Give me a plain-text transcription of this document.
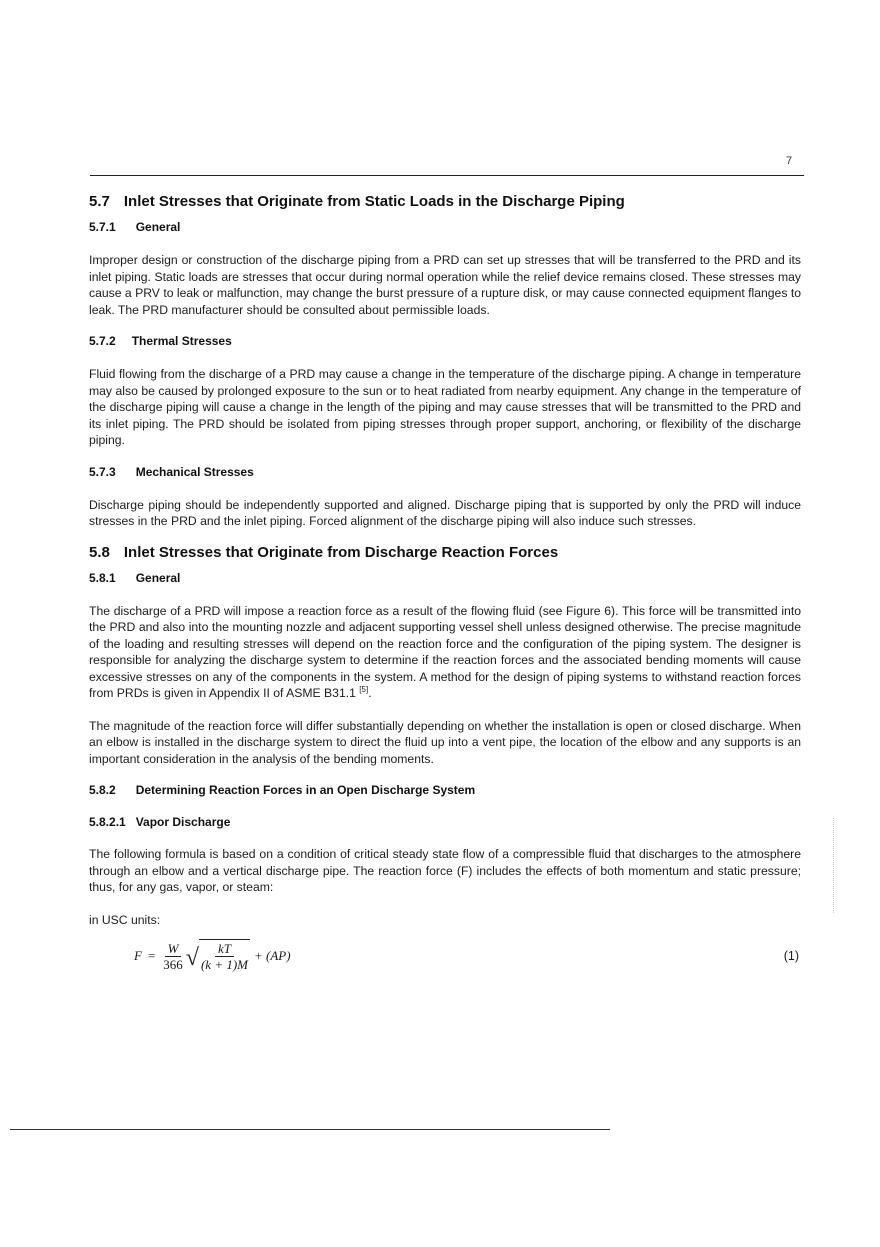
7
5.7 Inlet Stresses that Originate from Static Loads in the Discharge Piping
5.7.1 General

Improper design or construction of the discharge piping from a PRD can set up stresses that will be transferred to the PRD and its inlet piping. Static loads are stresses that occur during normal operation while the relief device remains closed. These stresses may cause a PRV to leak or malfunction, may change the burst pressure of a rupture disk, or may cause connected equipment flanges to leak. The PRD manufacturer should be consulted about permissible loads.

5.7.2 Thermal Stresses

Fluid flowing from the discharge of a PRD may cause a change in the temperature of the discharge piping. A change in temperature may also be caused by prolonged exposure to the sun or to heat radiated from nearby equipment. Any change in the temperature of the discharge piping will cause a change in the length of the piping and may cause stresses that will be transmitted to the PRD and its inlet piping. The PRD should be isolated from piping stresses through proper support, anchoring, or flexibility of the discharge piping.

5.7.3 Mechanical Stresses

Discharge piping should be independently supported and aligned. Discharge piping that is supported by only the PRD will induce stresses in the PRD and the inlet piping. Forced alignment of the discharge piping will also induce such stresses.

5.8 Inlet Stresses that Originate from Discharge Reaction Forces
5.8.1 General

The discharge of a PRD will impose a reaction force as a result of the flowing fluid (see Figure 6). This force will be transmitted into the PRD and also into the mounting nozzle and adjacent supporting vessel shell unless designed otherwise. The precise magnitude of the loading and resulting stresses will depend on the reaction force and the configuration of the piping system. The designer is responsible for analyzing the discharge system to determine if the reaction forces and the associated bending moments will cause excessive stresses on any of the components in the system. A method for the design of piping systems to withstand reaction forces from PRDs is given in Appendix II of ASME B31.1 [5].

The magnitude of the reaction force will differ substantially depending on whether the installation is open or closed discharge. When an elbow is installed in the discharge system to direct the fluid up into a vent pipe, the location of the elbow and any supports is an important consideration in the analysis of the bending moments.

5.8.2 Determining Reaction Forces in an Open Discharge System
5.8.2.1 Vapor Discharge

The following formula is based on a condition of critical steady state flow of a compressible fluid that discharges to the atmosphere through an elbow and a vertical discharge pipe. The reaction force (F) includes the effects of both momentum and static pressure; thus, for any gas, vapor, or steam:

in USC units:

$F = \frac{W}{366}$ √ $\frac{kT}{(k + 1)M} + (AP)$	(1)
